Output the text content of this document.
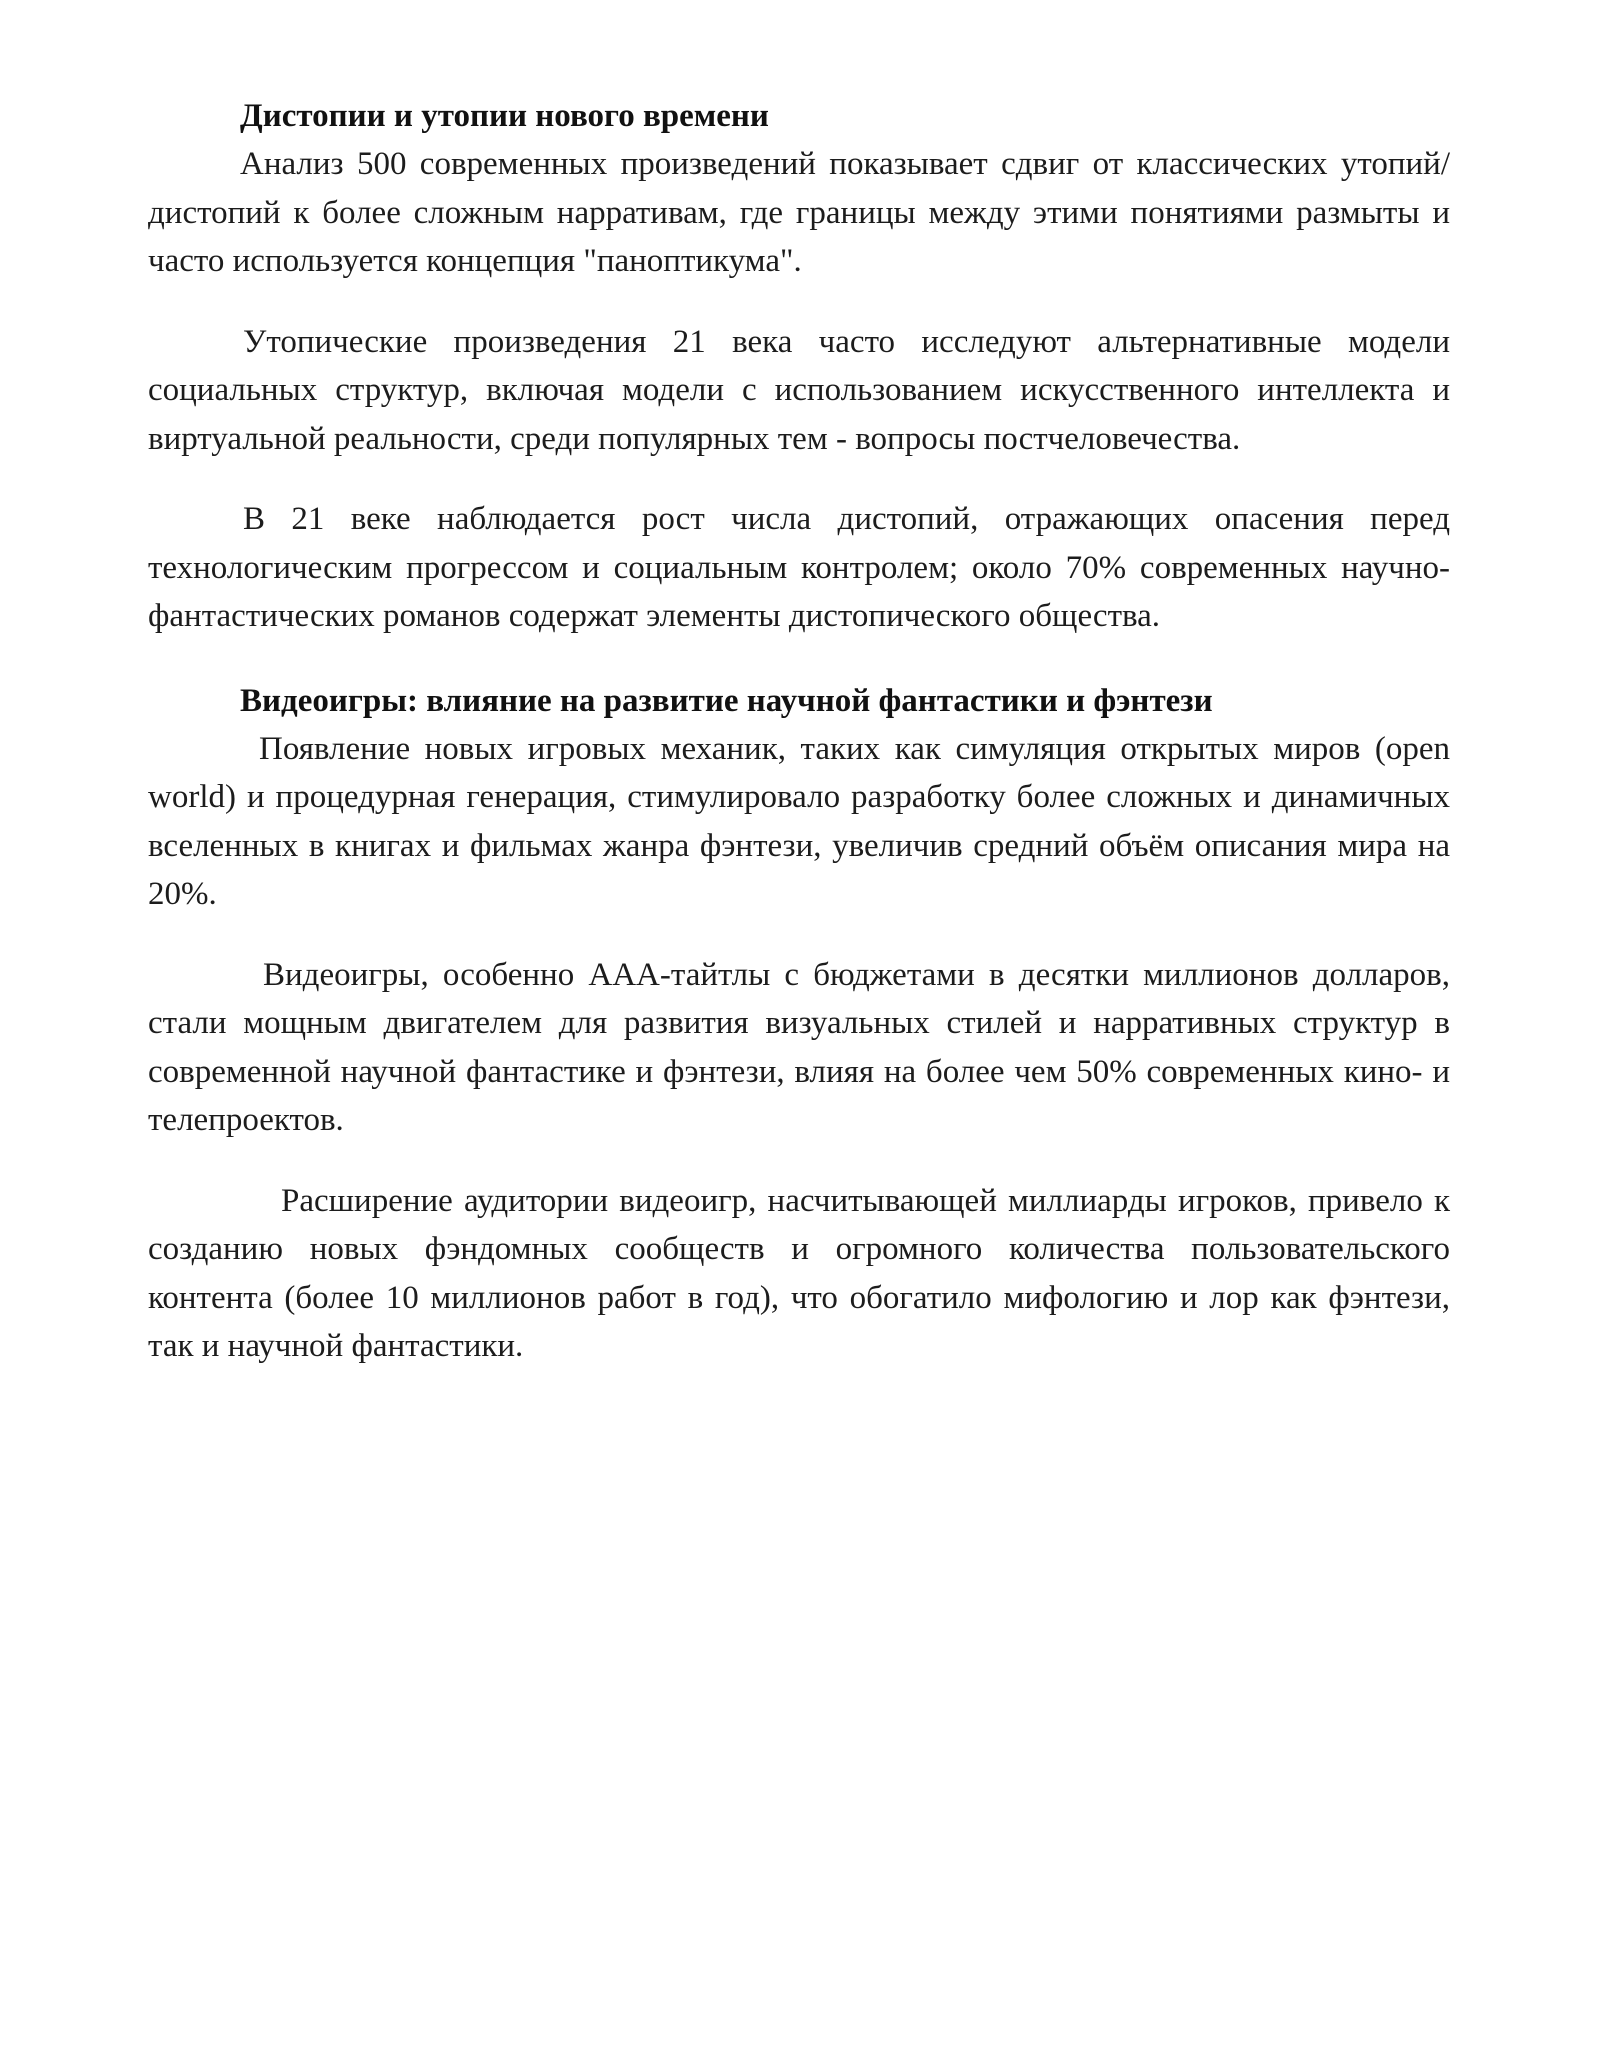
Дистопии и утопии нового времени

Анализ 500 современных произведений показывает сдвиг от классических утопий/дистопий к более сложным нарративам, где границы между этими понятиями размыты и часто используется концепция "паноптикума".

Утопические произведения 21 века часто исследуют альтернативные модели социальных структур, включая модели с использованием искусственного интеллекта и виртуальной реальности, среди популярных тем - вопросы постчеловечества.

В 21 веке наблюдается рост числа дистопий, отражающих опасения перед технологическим прогрессом и социальным контролем; около 70% современных научно-фантастических романов содержат элементы дистопического общества.

Видеоигры: влияние на развитие научной фантастики и фэнтези

Появление новых игровых механик, таких как симуляция открытых миров (open world) и процедурная генерация, стимулировало разработку более сложных и динамичных вселенных в книгах и фильмах жанра фэнтези, увеличив средний объём описания мира на 20%.

Видеоигры, особенно AAA-тайтлы с бюджетами в десятки миллионов долларов, стали мощным двигателем для развития визуальных стилей и нарративных структур в современной научной фантастике и фэнтези, влияя на более чем 50% современных кино- и телепроектов.

Расширение аудитории видеоигр, насчитывающей миллиарды игроков, привело к созданию новых фэндомных сообществ и огромного количества пользовательского контента (более 10 миллионов работ в год), что обогатило мифологию и лор как фэнтези, так и научной фантастики.
